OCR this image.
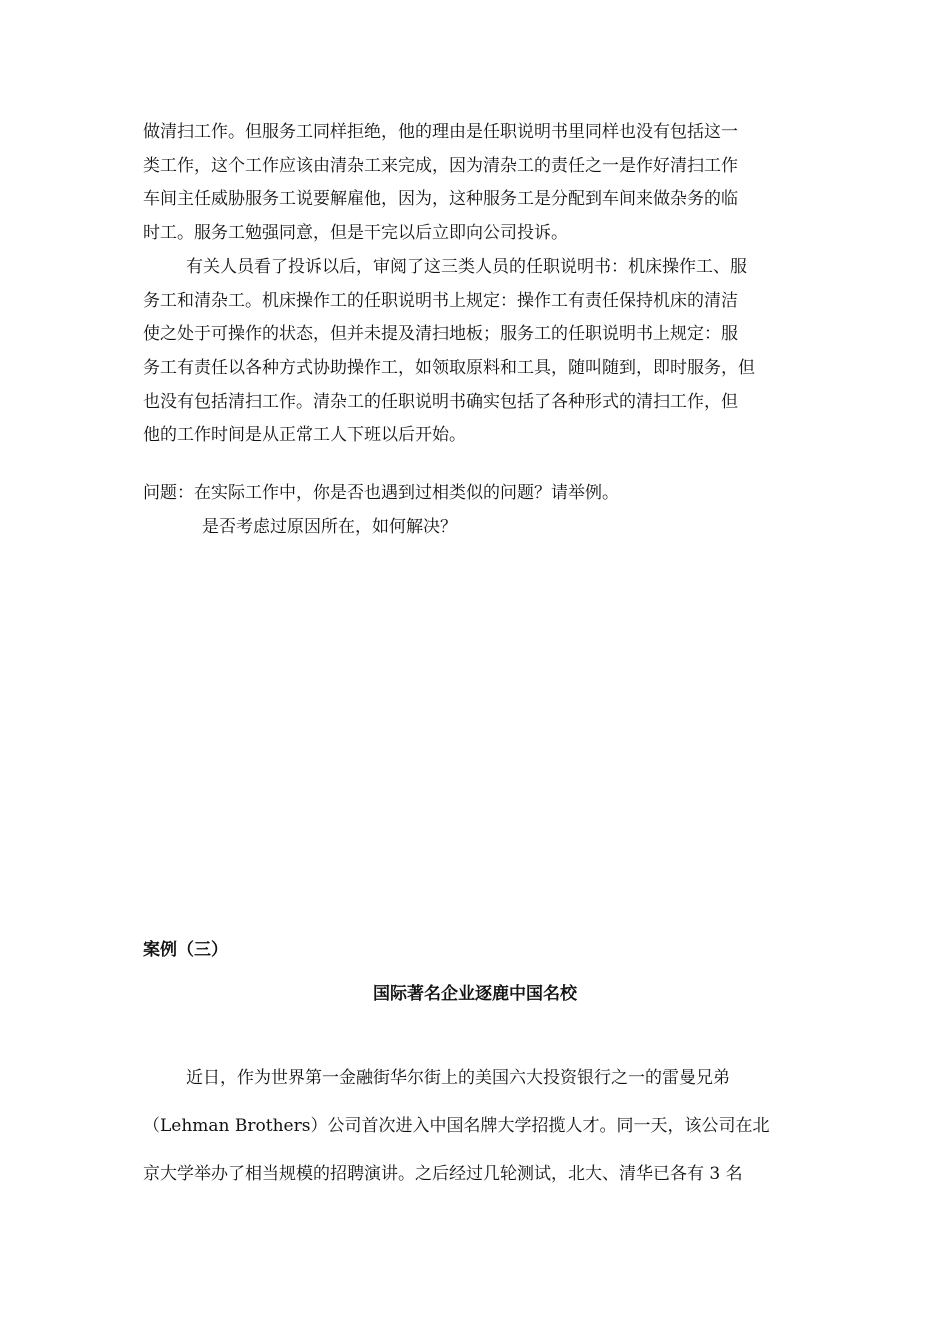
做清扫工作。但服务工同样拒绝，他的理由是任职说明书里同样也没有包括这一
类工作，这个工作应该由清杂工来完成，因为清杂工的责任之一是作好清扫工作
车间主任威胁服务工说要解雇他，因为，这种服务工是分配到车间来做杂务的临
时工。服务工勉强同意，但是干完以后立即向公司投诉。
有关人员看了投诉以后，审阅了这三类人员的任职说明书：机床操作工、服
务工和清杂工。机床操作工的任职说明书上规定：操作工有责任保持机床的清洁
使之处于可操作的状态，但并未提及清扫地板；服务工的任职说明书上规定：服
务工有责任以各种方式协助操作工，如领取原料和工具，随叫随到，即时服务，但
也没有包括清扫工作。清杂工的任职说明书确实包括了各种形式的清扫工作，但
他的工作时间是从正常工人下班以后开始。
问题：在实际工作中，你是否也遇到过相类似的问题？请举例。
是否考虑过原因所在，如何解决？
案例（三）
国际著名企业逐鹿中国名校
近日，作为世界第一金融街华尔街上的美国六大投资银行之一的雷曼兄弟
（Lehman Brothers）公司首次进入中国名牌大学招揽人才。同一天，该公司在北
京大学举办了相当规模的招聘演讲。之后经过几轮测试，北大、清华已各有 3 名
